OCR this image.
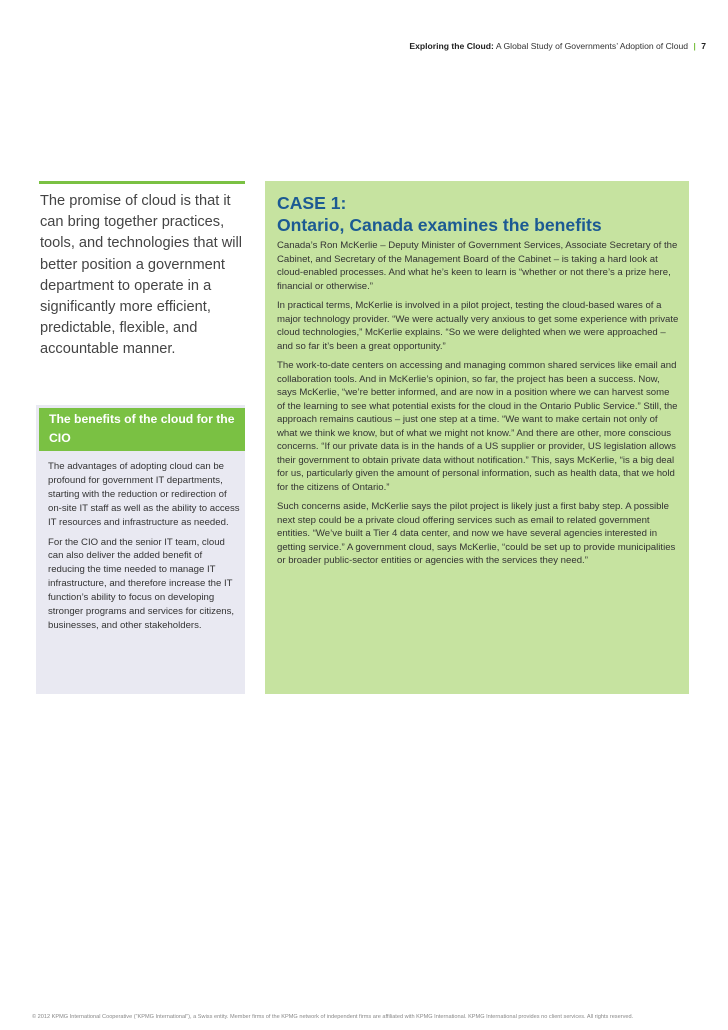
Exploring the Cloud: A Global Study of Governments’ Adoption of Cloud | 7
The promise of cloud is that it can bring together practices, tools, and technologies that will better position a government department to operate in a significantly more efficient, predictable, flexible, and accountable manner.
The benefits of the cloud for the CIO

The advantages of adopting cloud can be profound for government IT departments, starting with the reduction or redirection of on-site IT staff as well as the ability to access IT resources and infrastructure as needed.

For the CIO and the senior IT team, cloud can also deliver the added benefit of reducing the time needed to manage IT infrastructure, and therefore increase the IT function’s ability to focus on developing stronger programs and services for citizens, businesses, and other stakeholders.

CASE 1:
Ontario, Canada examines the benefits

Canada’s Ron McKerlie – Deputy Minister of Government Services, Associate Secretary of the Cabinet, and Secretary of the Management Board of the Cabinet – is taking a hard look at cloud-enabled processes. And what he’s keen to learn is “whether or not there’s a prize here, financial or otherwise.”

In practical terms, McKerlie is involved in a pilot project, testing the cloud-based wares of a major technology provider. “We were actually very anxious to get some experience with private cloud technologies,” McKerlie explains. “So we were delighted when we were approached – and so far it’s been a great opportunity.”

The work-to-date centers on accessing and managing common shared services like email and collaboration tools. And in McKerlie’s opinion, so far, the project has been a success. Now, says McKerlie, “we’re better informed, and are now in a position where we can harvest some of the learning to see what potential exists for the cloud in the Ontario Public Service.” Still, the approach remains cautious – just one step at a time. “We want to make certain not only of what we think we know, but of what we might not know.” And there are other, more conscious concerns. “If our private data is in the hands of a US supplier or provider, US legislation allows their government to obtain private data without notification.” This, says McKerlie, “is a big deal for us, particularly given the amount of personal information, such as health data, that we hold for the citizens of Ontario.”

Such concerns aside, McKerlie says the pilot project is likely just a first baby step. A possible next step could be a private cloud offering services such as email to related government entities. “We’ve built a Tier 4 data center, and now we have several agencies interested in getting service.” A government cloud, says McKerlie, “could be set up to provide municipalities or broader public-sector entities or agencies with the services they need.”

© 2012 KPMG International Cooperative (“KPMG International”), a Swiss entity. Member firms of the KPMG network of independent firms are affiliated with KPMG International. KPMG International provides no client services. All rights reserved.
